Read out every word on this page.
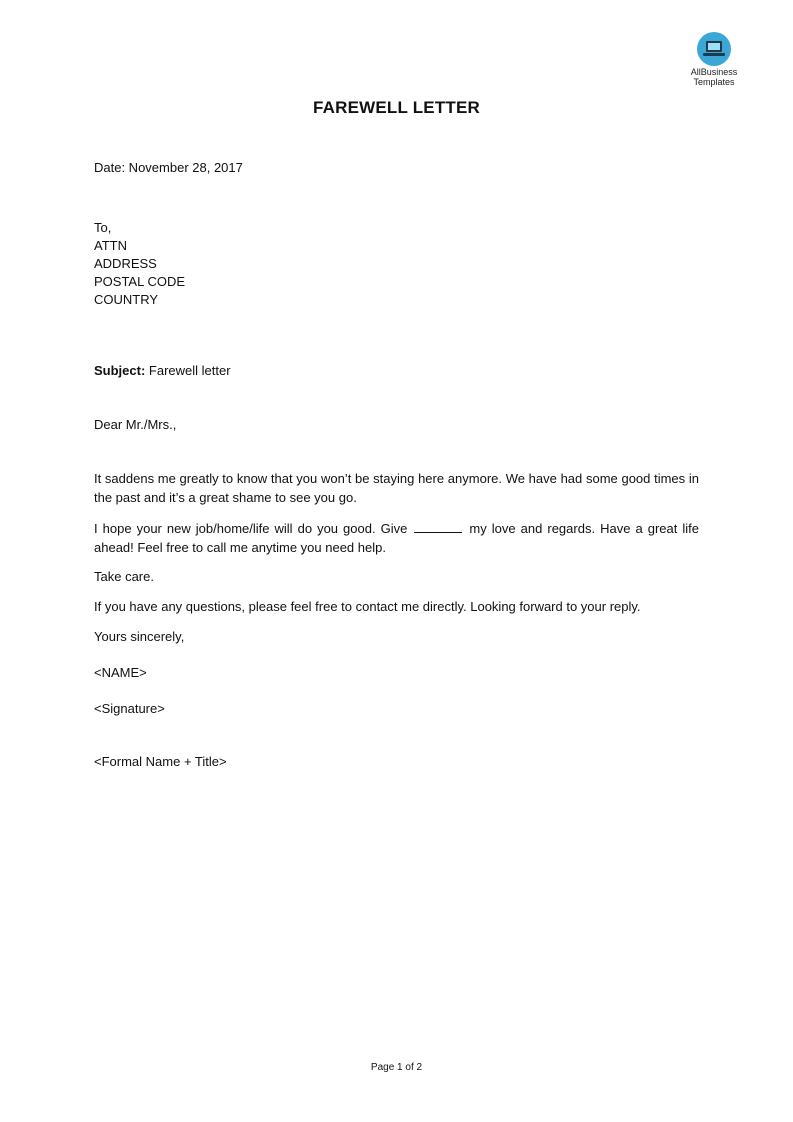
AllBusiness
Templates
FAREWELL LETTER
Date: November 28, 2017
To,
ATTN
ADDRESS
POSTAL CODE
COUNTRY
Subject: Farewell letter
Dear Mr./Mrs.,
It saddens me greatly to know that you won’t be staying here anymore. We have had some good times in the past and it’s a great shame to see you go.
I hope your new job/home/life will do you good. Give	my love and regards. Have a great life ahead! Feel free to call me anytime you need help.
Take care.
If you have any questions, please feel free to contact me directly. Looking forward to your reply.
Yours sincerely,
<NAME>
<Signature>
<Formal Name + Title>
Page 1 of 2
